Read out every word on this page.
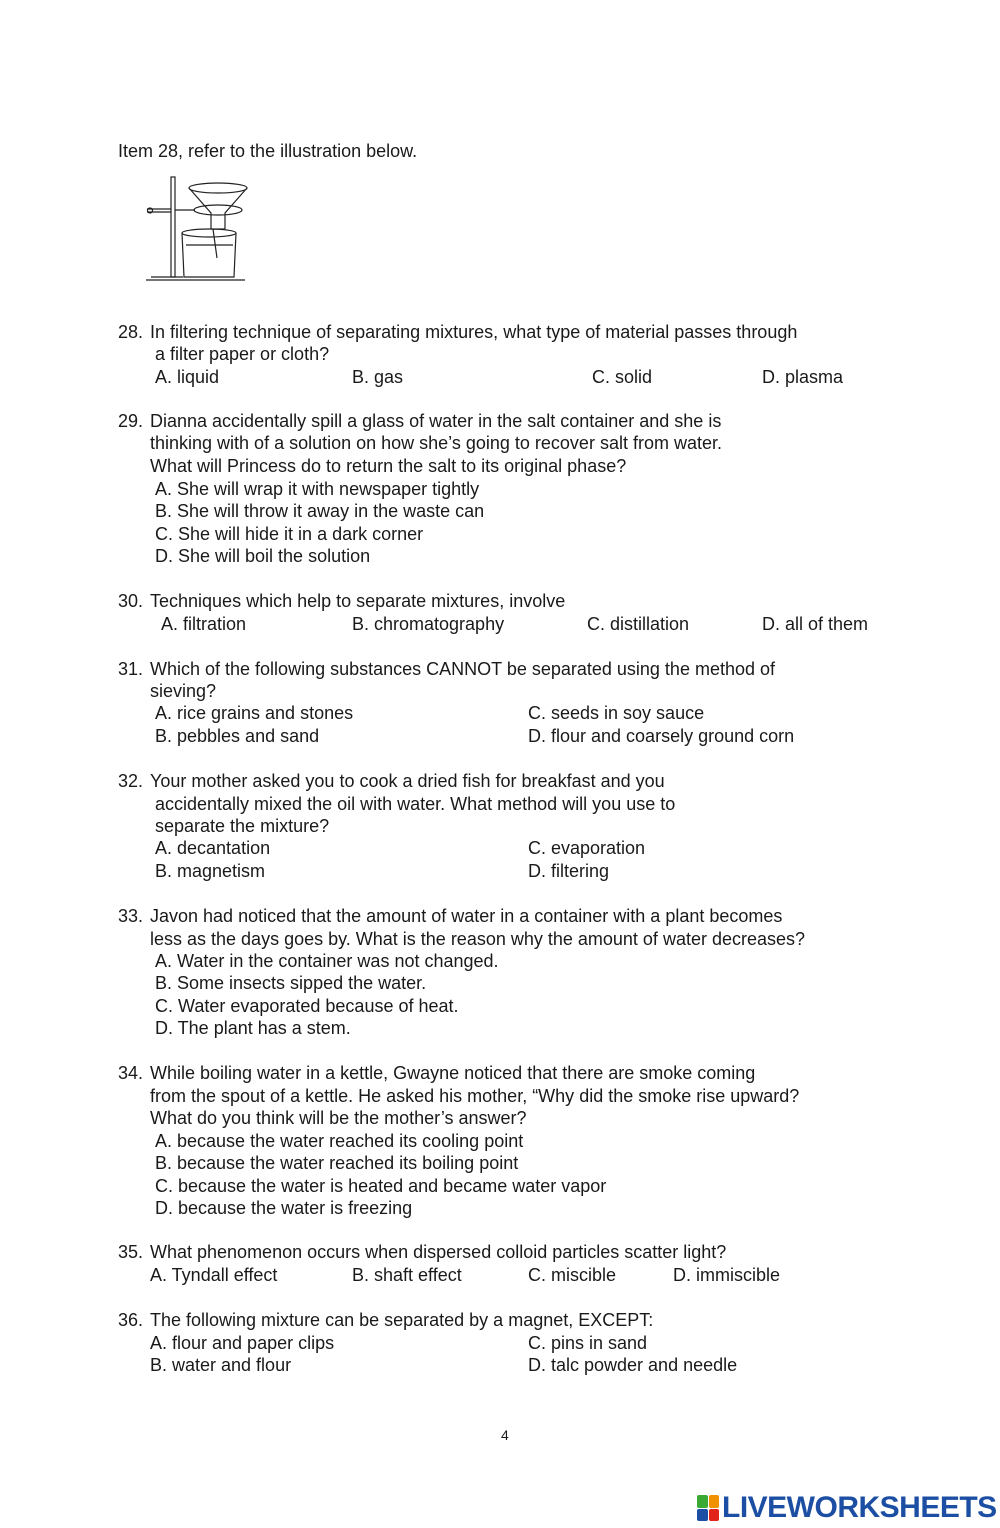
Item 28, refer to the illustration below.
28. In filtering technique of separating mixtures, what type of material passes through
a filter paper or cloth?
A. liquid	B. gas	C. solid	D. plasma
29. Dianna accidentally spill a glass of water in the salt container and she is
thinking with of a solution on how she’s going to recover salt from water.
What will Princess do to return the salt to its original phase?
A. She will wrap it with newspaper tightly
B. She will throw it away in the waste can
C. She will hide it in a dark corner
D. She will boil the solution
30. Techniques which help to separate mixtures, involve
A. filtration	B. chromatography	C. distillation	D. all of them
31. Which of the following substances CANNOT be separated using the method of
sieving?
A. rice grains and stones	C. seeds in soy sauce
B. pebbles and sand	D. flour and coarsely ground corn
32. Your mother asked you to cook a dried fish for breakfast and you
accidentally mixed the oil with water. What method will you use to
separate the mixture?
A. decantation	C. evaporation
B. magnetism	D. filtering
33. Javon had noticed that the amount of water in a container with a plant becomes
less as the days goes by. What is the reason why the amount of water decreases?
A. Water in the container was not changed.
B. Some insects sipped the water.
C. Water evaporated because of heat.
D. The plant has a stem.
34. While boiling water in a kettle, Gwayne noticed that there are smoke coming
from the spout of a kettle. He asked his mother, “Why did the smoke rise upward?
What do you think will be the mother’s answer?
A. because the water reached its cooling point
B. because the water reached its boiling point
C. because the water is heated and became water vapor
D. because the water is freezing
35. What phenomenon occurs when dispersed colloid particles scatter light?
A. Tyndall effect	B. shaft effect	C. miscible	D. immiscible
36. The following mixture can be separated by a magnet, EXCEPT:
A. flour and paper clips	C. pins in sand
B. water and flour	D. talc powder and needle
4
LIVEWORKSHEETS
